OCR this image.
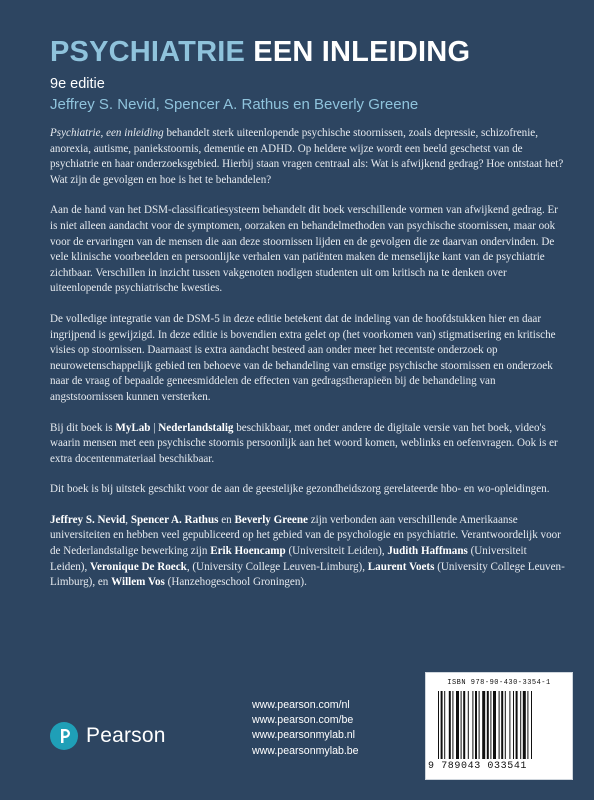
PSYCHIATRIE EEN INLEIDING
9e editie
Jeffrey S. Nevid, Spencer A. Rathus en Beverly Greene

Psychiatrie, een inleiding behandelt sterk uiteenlopende psychische stoornissen, zoals depressie, schizofrenie, anorexia, autisme, paniekstoornis, dementie en ADHD. Op heldere wijze wordt een beeld geschetst van de psychiatrie en haar onderzoeksgebied. Hierbij staan vragen centraal als: Wat is afwijkend gedrag? Hoe ontstaat het? Wat zijn de gevolgen en hoe is het te behandelen?

Aan de hand van het DSM-classificatiesysteem behandelt dit boek verschillende vormen van afwijkend gedrag. Er is niet alleen aandacht voor de symptomen, oorzaken en behandelmethoden van psychische stoornissen, maar ook voor de ervaringen van de mensen die aan deze stoornissen lijden en de gevolgen die ze daarvan ondervinden. De vele klinische voorbeelden en persoonlijke verhalen van patiënten maken de menselijke kant van de psychiatrie zichtbaar. Verschillen in inzicht tussen vakgenoten nodigen studenten uit om kritisch na te denken over uiteenlopende psychiatrische kwesties.

De volledige integratie van de DSM-5 in deze editie betekent dat de indeling van de hoofdstukken hier en daar ingrijpend is gewijzigd. In deze editie is bovendien extra gelet op (het voorkomen van) stigmatisering en kritische visies op stoornissen. Daarnaast is extra aandacht besteed aan onder meer het recentste onderzoek op neurowetenschappelijk gebied ten behoeve van de behandeling van ernstige psychische stoornissen en onderzoek naar de vraag of bepaalde geneesmiddelen de effecten van gedragstherapieën bij de behandeling van angststoornissen kunnen versterken.

Bij dit boek is MyLab | Nederlandstalig beschikbaar, met onder andere de digitale versie van het boek, video's waarin mensen met een psychische stoornis persoonlijk aan het woord komen, weblinks en oefenvragen. Ook is er extra docentenmateriaal beschikbaar.

Dit boek is bij uitstek geschikt voor de aan de geestelijke gezondheidszorg gerelateerde hbo- en wo-opleidingen.

Jeffrey S. Nevid, Spencer A. Rathus en Beverly Greene zijn verbonden aan verschillende Amerikaanse universiteiten en hebben veel gepubliceerd op het gebied van de psychologie en psychiatrie. Verantwoordelijk voor de Nederlandstalige bewerking zijn Erik Hoencamp (Universiteit Leiden), Judith Haffmans (Universiteit Leiden), Veronique De Roeck, (University College Leuven-Limburg), Laurent Voets (University College Leuven-Limburg), en Willem Vos (Hanzehogeschool Groningen).

Pearson
www.pearson.com/nl
www.pearson.com/be
www.pearsonmylab.nl
www.pearsonmylab.be
ISBN 978-90-430-3354-1
9 789043 033541
